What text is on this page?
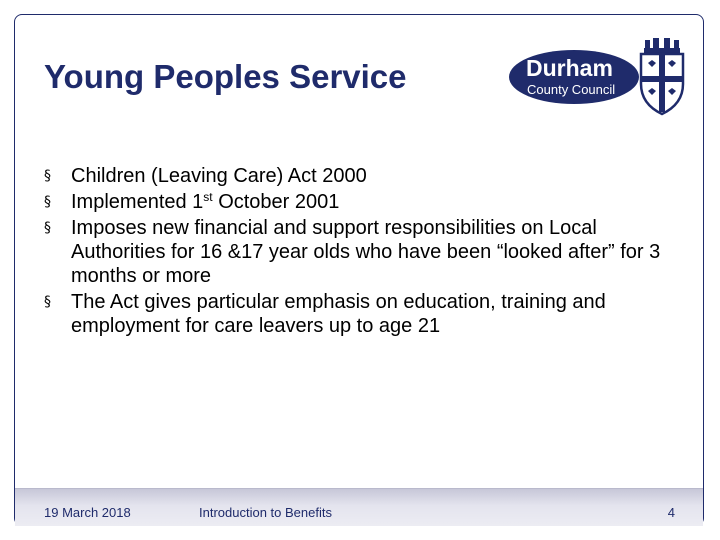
Young Peoples Service	Durham
County Council
§ Children (Leaving Care) Act 2000
§ Implemented 1st October 2001
§ Imposes new financial and support responsibilities on Local Authorities for 16 &17 year olds who have been “looked after” for 3 months or more
§ The Act gives particular emphasis on education, training and employment for care leavers up to age 21
19 March 2018	Introduction to Benefits	4
